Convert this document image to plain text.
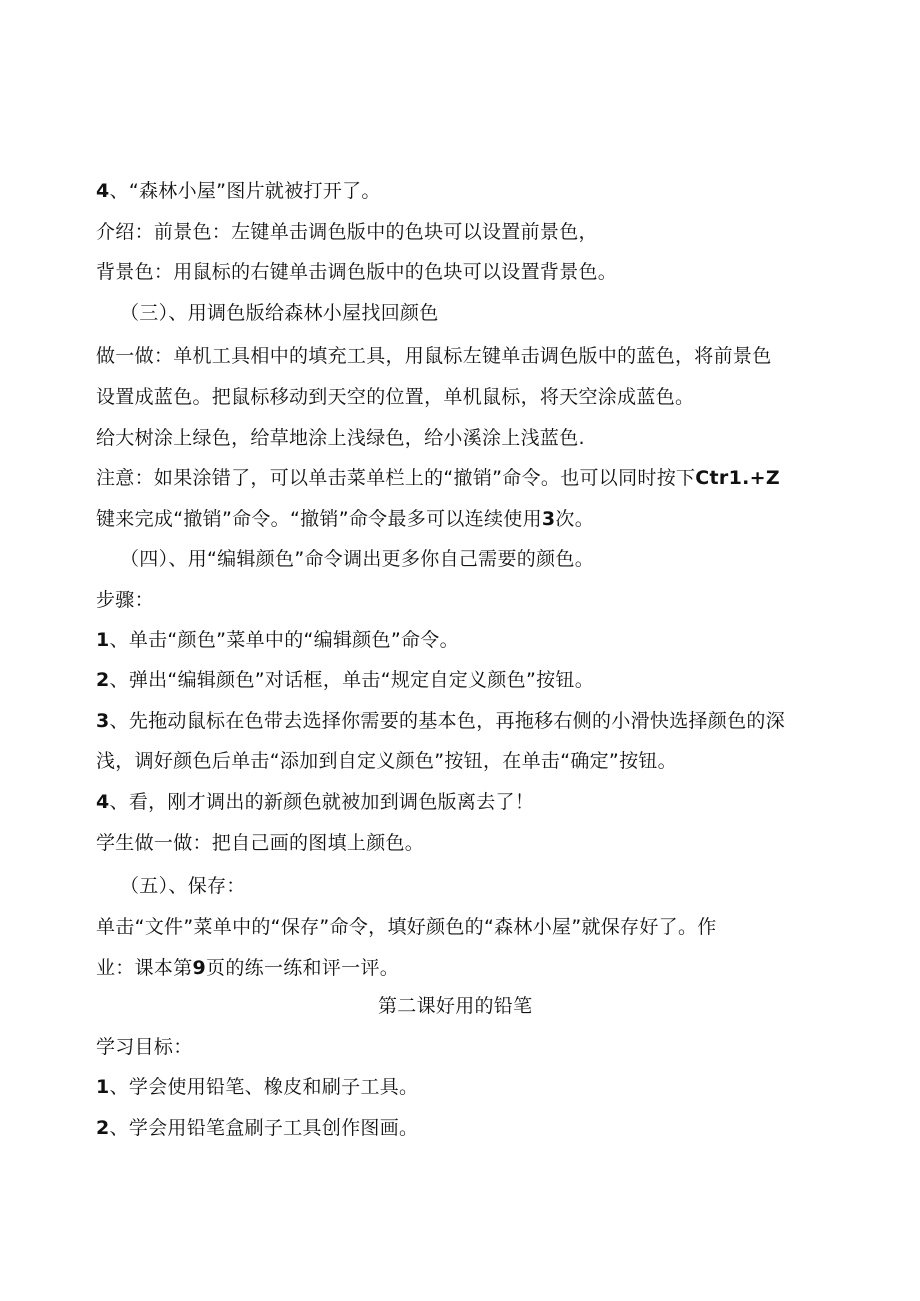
4、“森林小屋”图片就被打开了。
介绍：前景色：左键单击调色版中的色块可以设置前景色，
背景色：用鼠标的右键单击调色版中的色块可以设置背景色。
（三）、用调色版给森林小屋找回颜色
做一做：单机工具相中的填充工具，用鼠标左键单击调色版中的蓝色，将前景色
设置成蓝色。把鼠标移动到天空的位置，单机鼠标，将天空涂成蓝色。
给大树涂上绿色，给草地涂上浅绿色，给小溪涂上浅蓝色.
注意：如果涂错了，可以单击菜单栏上的“撤销”命令。也可以同时按下Ctr1.+Z
键来完成“撤销”命令。“撤销”命令最多可以连续使用3次。
（四）、用“编辑颜色”命令调出更多你自己需要的颜色。
步骤：
1、单击“颜色”菜单中的“编辑颜色”命令。
2、弹出“编辑颜色”对话框，单击“规定自定义颜色”按钮。
3、先拖动鼠标在色带去选择你需要的基本色，再拖移右侧的小滑快选择颜色的深
浅，调好颜色后单击“添加到自定义颜色”按钮，在单击“确定”按钮。
4、看，刚才调出的新颜色就被加到调色版离去了！
学生做一做：把自己画的图填上颜色。
（五）、保存：
单击“文件”菜单中的“保存”命令，填好颜色的“森林小屋”就保存好了。作
业：课本第9页的练一练和评一评。
第二课好用的铅笔
学习目标：
1、学会使用铅笔、橡皮和刷子工具。
2、学会用铅笔盒刷子工具创作图画。
